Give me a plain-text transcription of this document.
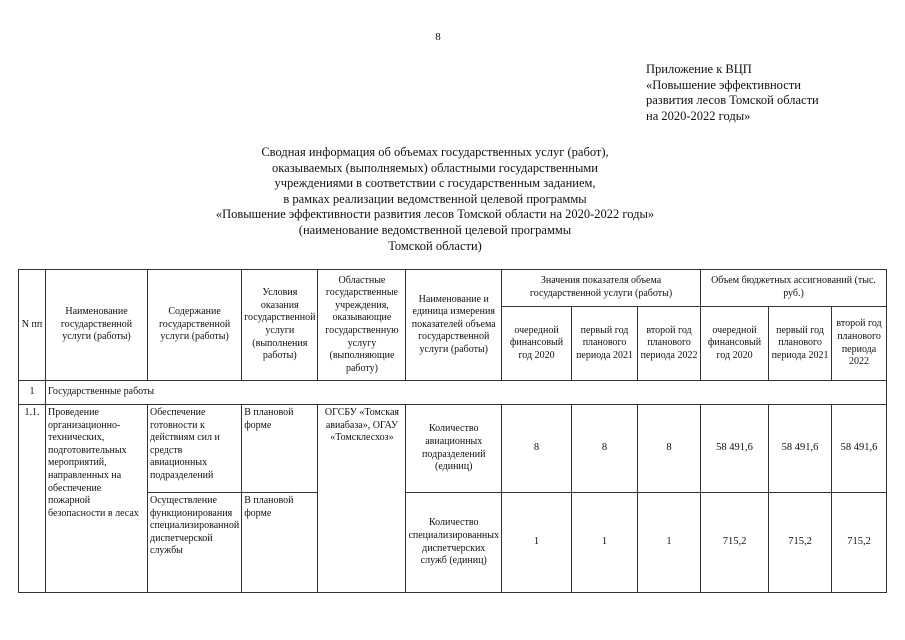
8
Приложение к ВЦП
«Повышение эффективности
развития лесов Томской области
на 2020-2022 годы»
Сводная информация об объемах государственных услуг (работ),
оказываемых (выполняемых) областными государственными
учреждениями в соответствии с государственным заданием,
в рамках реализации ведомственной целевой программы
«Повышение эффективности развития лесов Томской области на 2020-2022 годы»
(наименование ведомственной целевой программы
Томской области)
N пп	Наименование государственной услуги (работы)	Содержание государственной услуги (работы)	Условия оказания государственной услуги (выполнения работы)	Областные государственные учреждения, оказывающие государственную услугу (выполняющие работу)	Наименование и единица измерения показателей объема государственной услуги (работы)	Значения показателя объема государственной услуги (работы)			Объем бюджетных ассигнований (тыс. руб.)		
						очередной финансовый год 2020	первый год планового периода 2021	второй год планового периода 2022	очередной финансовый год 2020	первый год планового периода 2021	второй год планового периода 2022
1	Государственные работы										
1.1.	Проведение организационно-технических, подготовительных мероприятий, направленных на обеспечение пожарной безопасности в лесах	Обеспечение готовности к действиям сил и средств авиационных подразделений	В плановой форме	ОГСБУ «Томская авиабаза», ОГАУ «Томсклесхоз»	Количество авиационных подразделений (единиц)	8	8	8	58 491,6	58 491,6	58 491,6
		Осуществление функционирования специализированной диспетчерской службы	В плановой форме		Количество специализированных диспетчерских служб (единиц)	1	1	1	715,2	715,2	715,2
